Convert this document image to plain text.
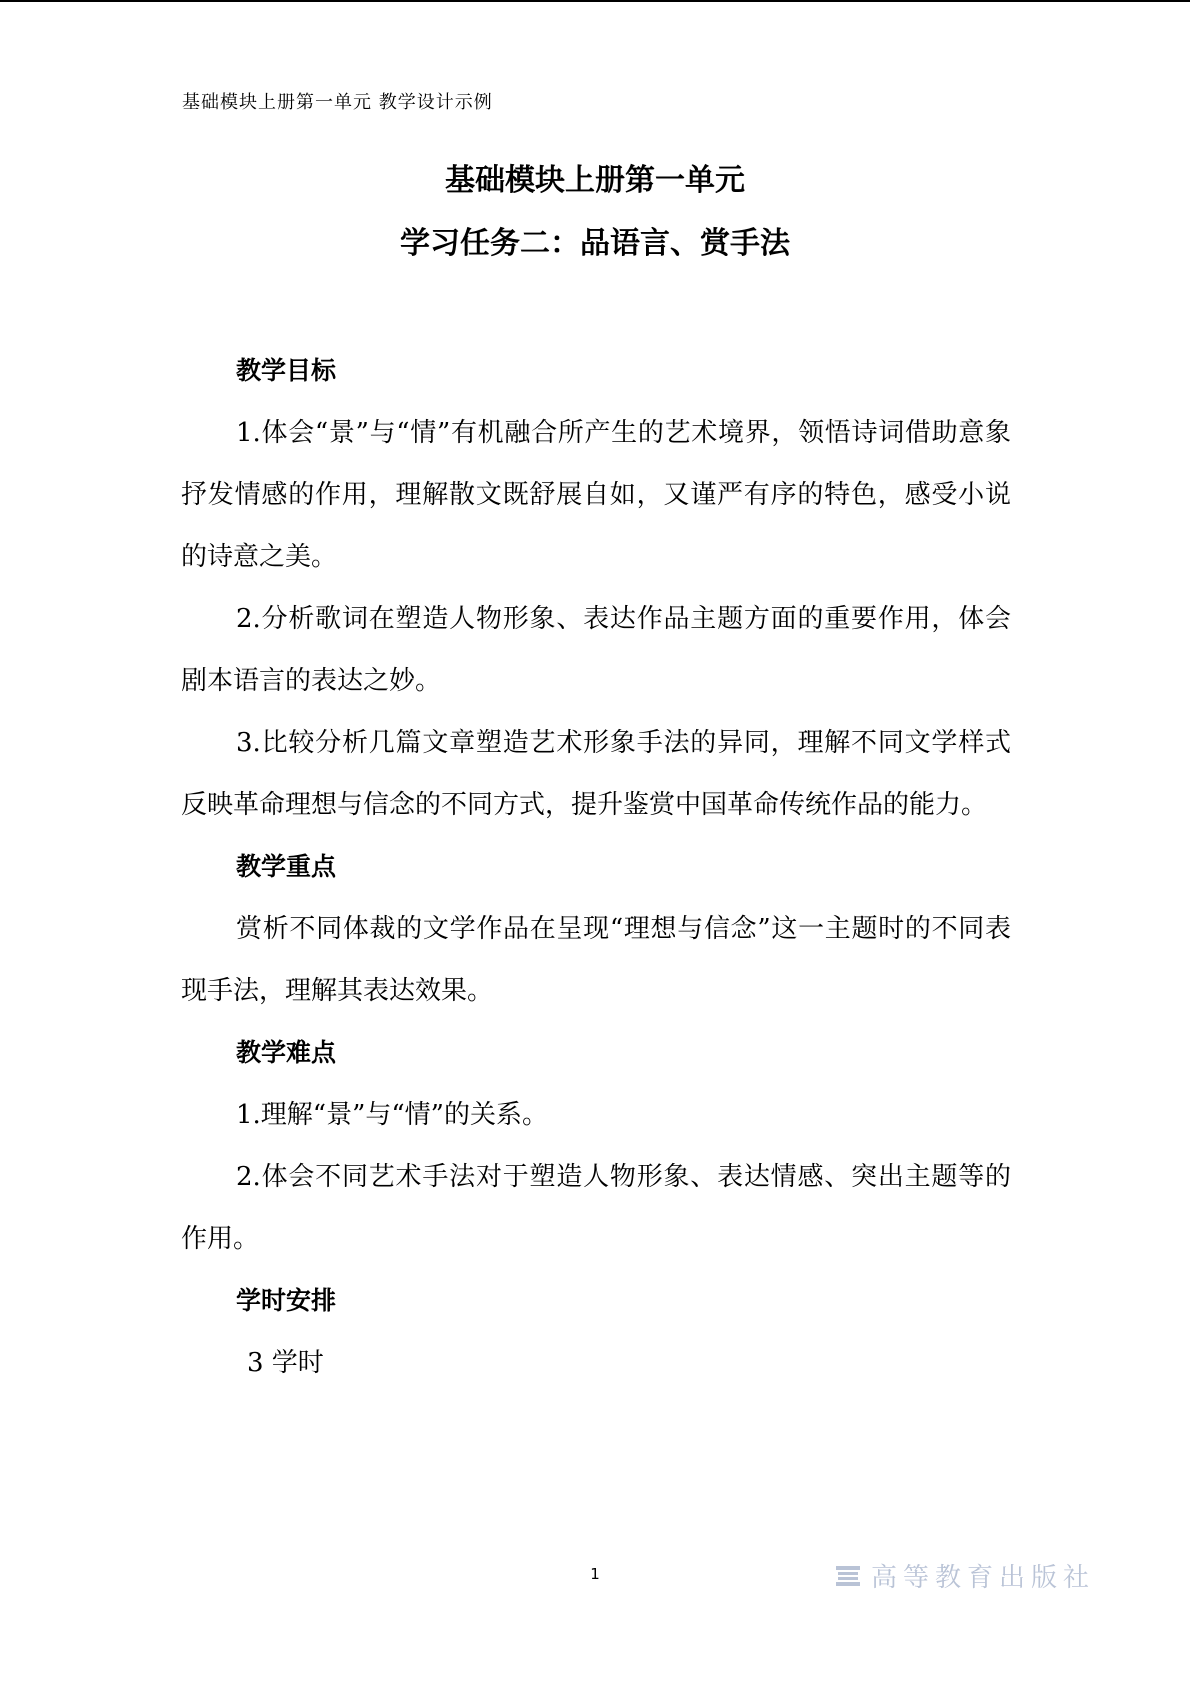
基础模块上册第一单元 教学设计示例
基础模块上册第一单元
学习任务二：品语言、赏手法

教学目标

1.体会“景”与“情”有机融合所产生的艺术境界，领悟诗词借助意象抒发情感的作用，理解散文既舒展自如，又谨严有序的特色，感受小说的诗意之美。

2.分析歌词在塑造人物形象、表达作品主题方面的重要作用，体会剧本语言的表达之妙。

3.比较分析几篇文章塑造艺术形象手法的异同，理解不同文学样式反映革命理想与信念的不同方式，提升鉴赏中国革命传统作品的能力。

教学重点

赏析不同体裁的文学作品在呈现“理想与信念”这一主题时的不同表现手法，理解其表达效果。

教学难点

1.理解“景”与“情”的关系。

2.体会不同艺术手法对于塑造人物形象、表达情感、突出主题等的作用。

学时安排

3 学时

1	高等教育出版社
